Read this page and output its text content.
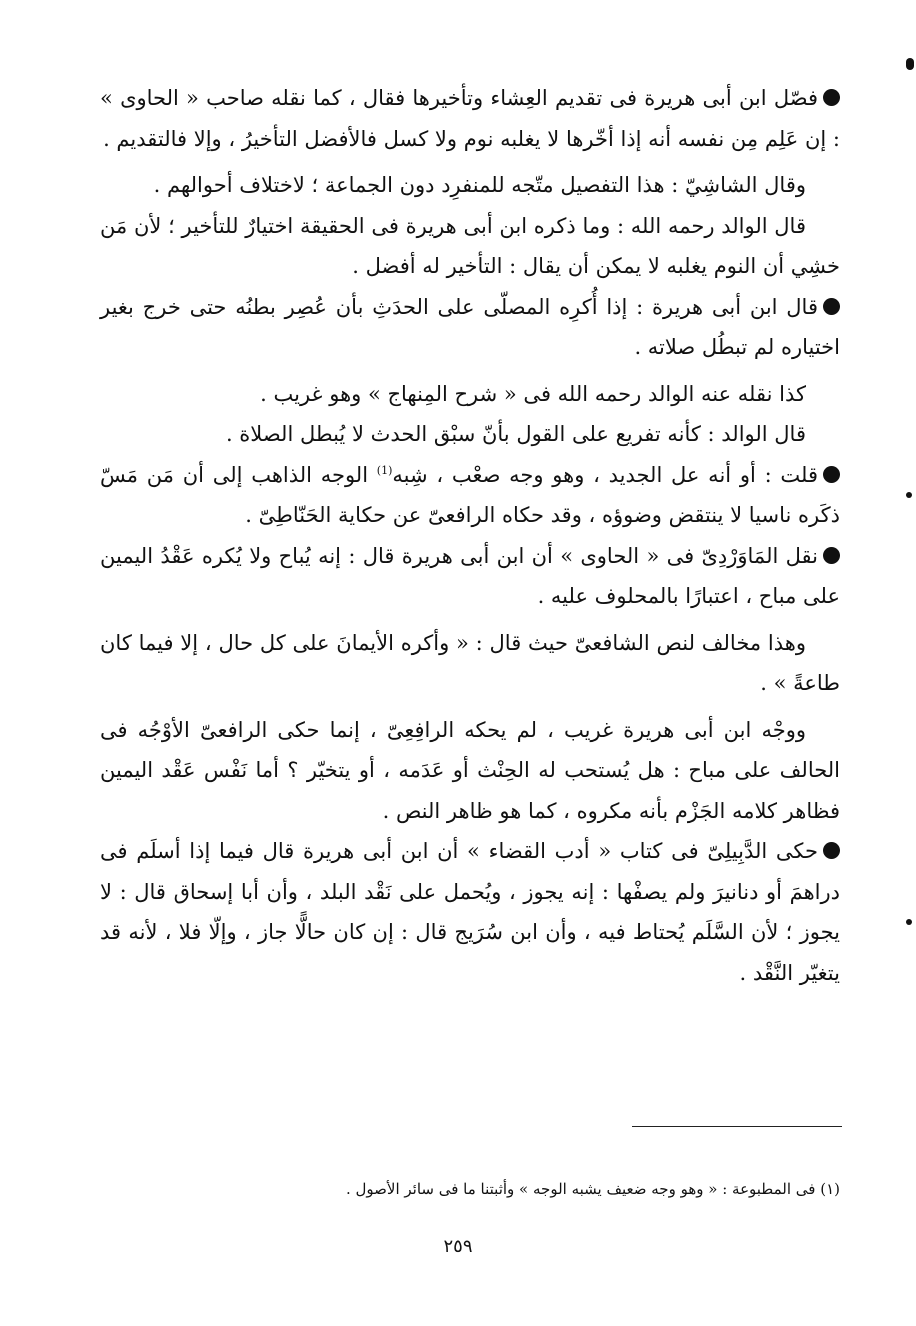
فصّل ابن أبى هريرة فى تقديم العِشاء وتأخيرها فقال ، كما نقله صاحب « الحاوى » : إن عَلِم مِن نفسه أنه إذا أخّرها لا يغلبه نوم ولا كسل فالأفضل التأخيرُ ، وإلا فالتقديم .

وقال الشاشِيّ : هذا التفصيل متّجه للمنفرِد دون الجماعة ؛ لاختلاف أحوالهم .

قال الوالد رحمه الله : وما ذكره ابن أبى هريرة فى الحقيقة اختيارٌ للتأخير ؛ لأن مَن خشِي أن النوم يغلبه لا يمكن أن يقال : التأخير له أفضل .

قال ابن أبى هريرة : إذا أُكرِه المصلّى على الحدَثِ بأن عُصِر بطنُه حتى خرج بغير اختياره لم تبطُل صلاته .

كذا نقله عنه الوالد رحمه الله فى « شرح المِنهاج » وهو غريب .

قال الوالد : كأنه تفريع على القول بأنّ سبْق الحدث لا يُبطل الصلاة .

قلت : أو أنه عل الجديد ، وهو وجه صعْب ، شِبه$^{(1)}$ الوجه الذاهب إلى أن مَن مَسّ ذكَره ناسيا لا ينتقض وضوؤه ، وقد حكاه الرافعىّ عن حكاية الحَنّاطِىّ .

نقل المَاوَرْدِىّ فى « الحاوى » أن ابن أبى هريرة قال : إنه يُباح ولا يُكره عَقْدُ اليمين على مباح ، اعتبارًا بالمحلوف عليه .

وهذا مخالف لنص الشافعىّ حيث قال : « وأكره الأيمانَ على كل حال ، إلا فيما كان طاعةً » .

ووجْه ابن أبى هريرة غريب ، لم يحكه الرافِعِىّ ، إنما حكى الرافعىّ الأوْجُه فى الحالف على مباح : هل يُستحب له الحِنْث أو عَدَمه ، أو يتخيّر ؟ أما نَفْس عَقْد اليمين فظاهر كلامه الجَزْم بأنه مكروه ، كما هو ظاهر النص .

حكى الدَّبِيلِىّ فى كتاب « أدب القضاء » أن ابن أبى هريرة قال فيما إذا أسلَم فى دراهمَ أو دنانيرَ ولم يصفْها : إنه يجوز ، ويُحمل على نَقْد البلد ، وأن أبا إسحاق قال : لا يجوز ؛ لأن السَّلَم يُحتاط فيه ، وأن ابن سُرَيج قال : إن كان حالًّا جاز ، وإلّا فلا ، لأنه قد يتغيّر النَّقْد .

(١) فى المطبوعة : « وهو وجه ضعيف يشبه الوجه » وأثبتنا ما فى سائر الأصول .
٢٥٩
